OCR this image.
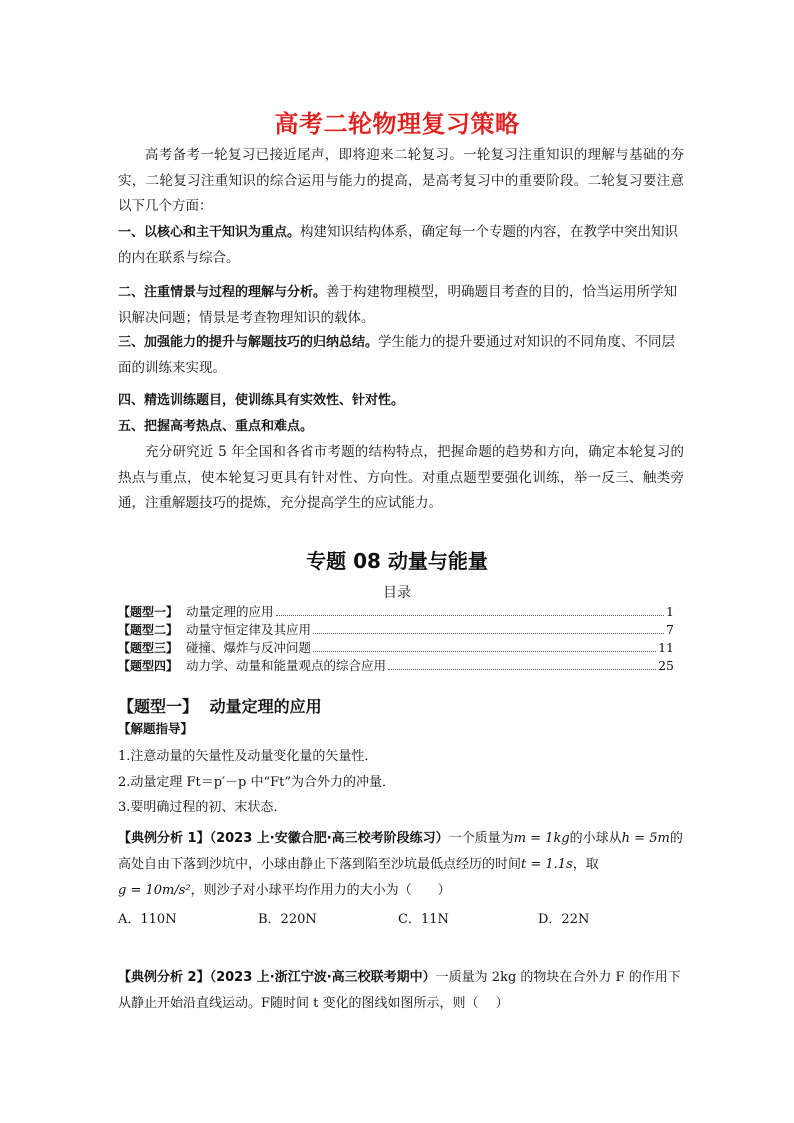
高考二轮物理复习策略
高考备考一轮复习已接近尾声，即将迎来二轮复习。一轮复习注重知识的理解与基础的夯实，二轮复习注重知识的综合运用与能力的提高，是高考复习中的重要阶段。二轮复习要注意以下几个方面：
一、以核心和主干知识为重点。构建知识结构体系，确定每一个专题的内容，在教学中突出知识的内在联系与综合。
二、注重情景与过程的理解与分析。善于构建物理模型，明确题目考查的目的，恰当运用所学知识解决问题；情景是考查物理知识的载体。
三、加强能力的提升与解题技巧的归纳总结。学生能力的提升要通过对知识的不同角度、不同层面的训练来实现。
四、精选训练题目，使训练具有实效性、针对性。
五、把握高考热点、重点和难点。
充分研究近 5 年全国和各省市考题的结构特点，把握命题的趋势和方向，确定本轮复习的热点与重点，使本轮复习更具有针对性、方向性。对重点题型要强化训练，举一反三、触类旁通，注重解题技巧的提炼，充分提高学生的应试能力。
专题 08 动量与能量
目录
【题型一】 动量定理的应用	1
【题型二】 动量守恒定律及其应用	7
【题型三】 碰撞、爆炸与反冲问题	11
【题型四】 动力学、动量和能量观点的综合应用	25
【题型一】 动量定理的应用
【解题指导】
1.注意动量的矢量性及动量变化量的矢量性．
2.动量定理 Ft＝p′－p 中“Ft”为合外力的冲量．
3.要明确过程的初、末状态．
【典例分析 1】（2023 上·安徽合肥·高三校考阶段练习）一个质量为m = 1kg的小球从h = 5m的高处自由下落到沙坑中，小球由静止下落到陷至沙坑最低点经历的时间t = 1.1s，取
g = 10m/s²，则沙子对小球平均作用力的大小为（　　）
A．110N	B．220N	C．11N	D．22N
【典例分析 2】（2023 上·浙江宁波·高三校联考期中）一质量为 2kg 的物块在合外力 F 的作用下从静止开始沿直线运动。F随时间 t 变化的图线如图所示，则（　 ）
